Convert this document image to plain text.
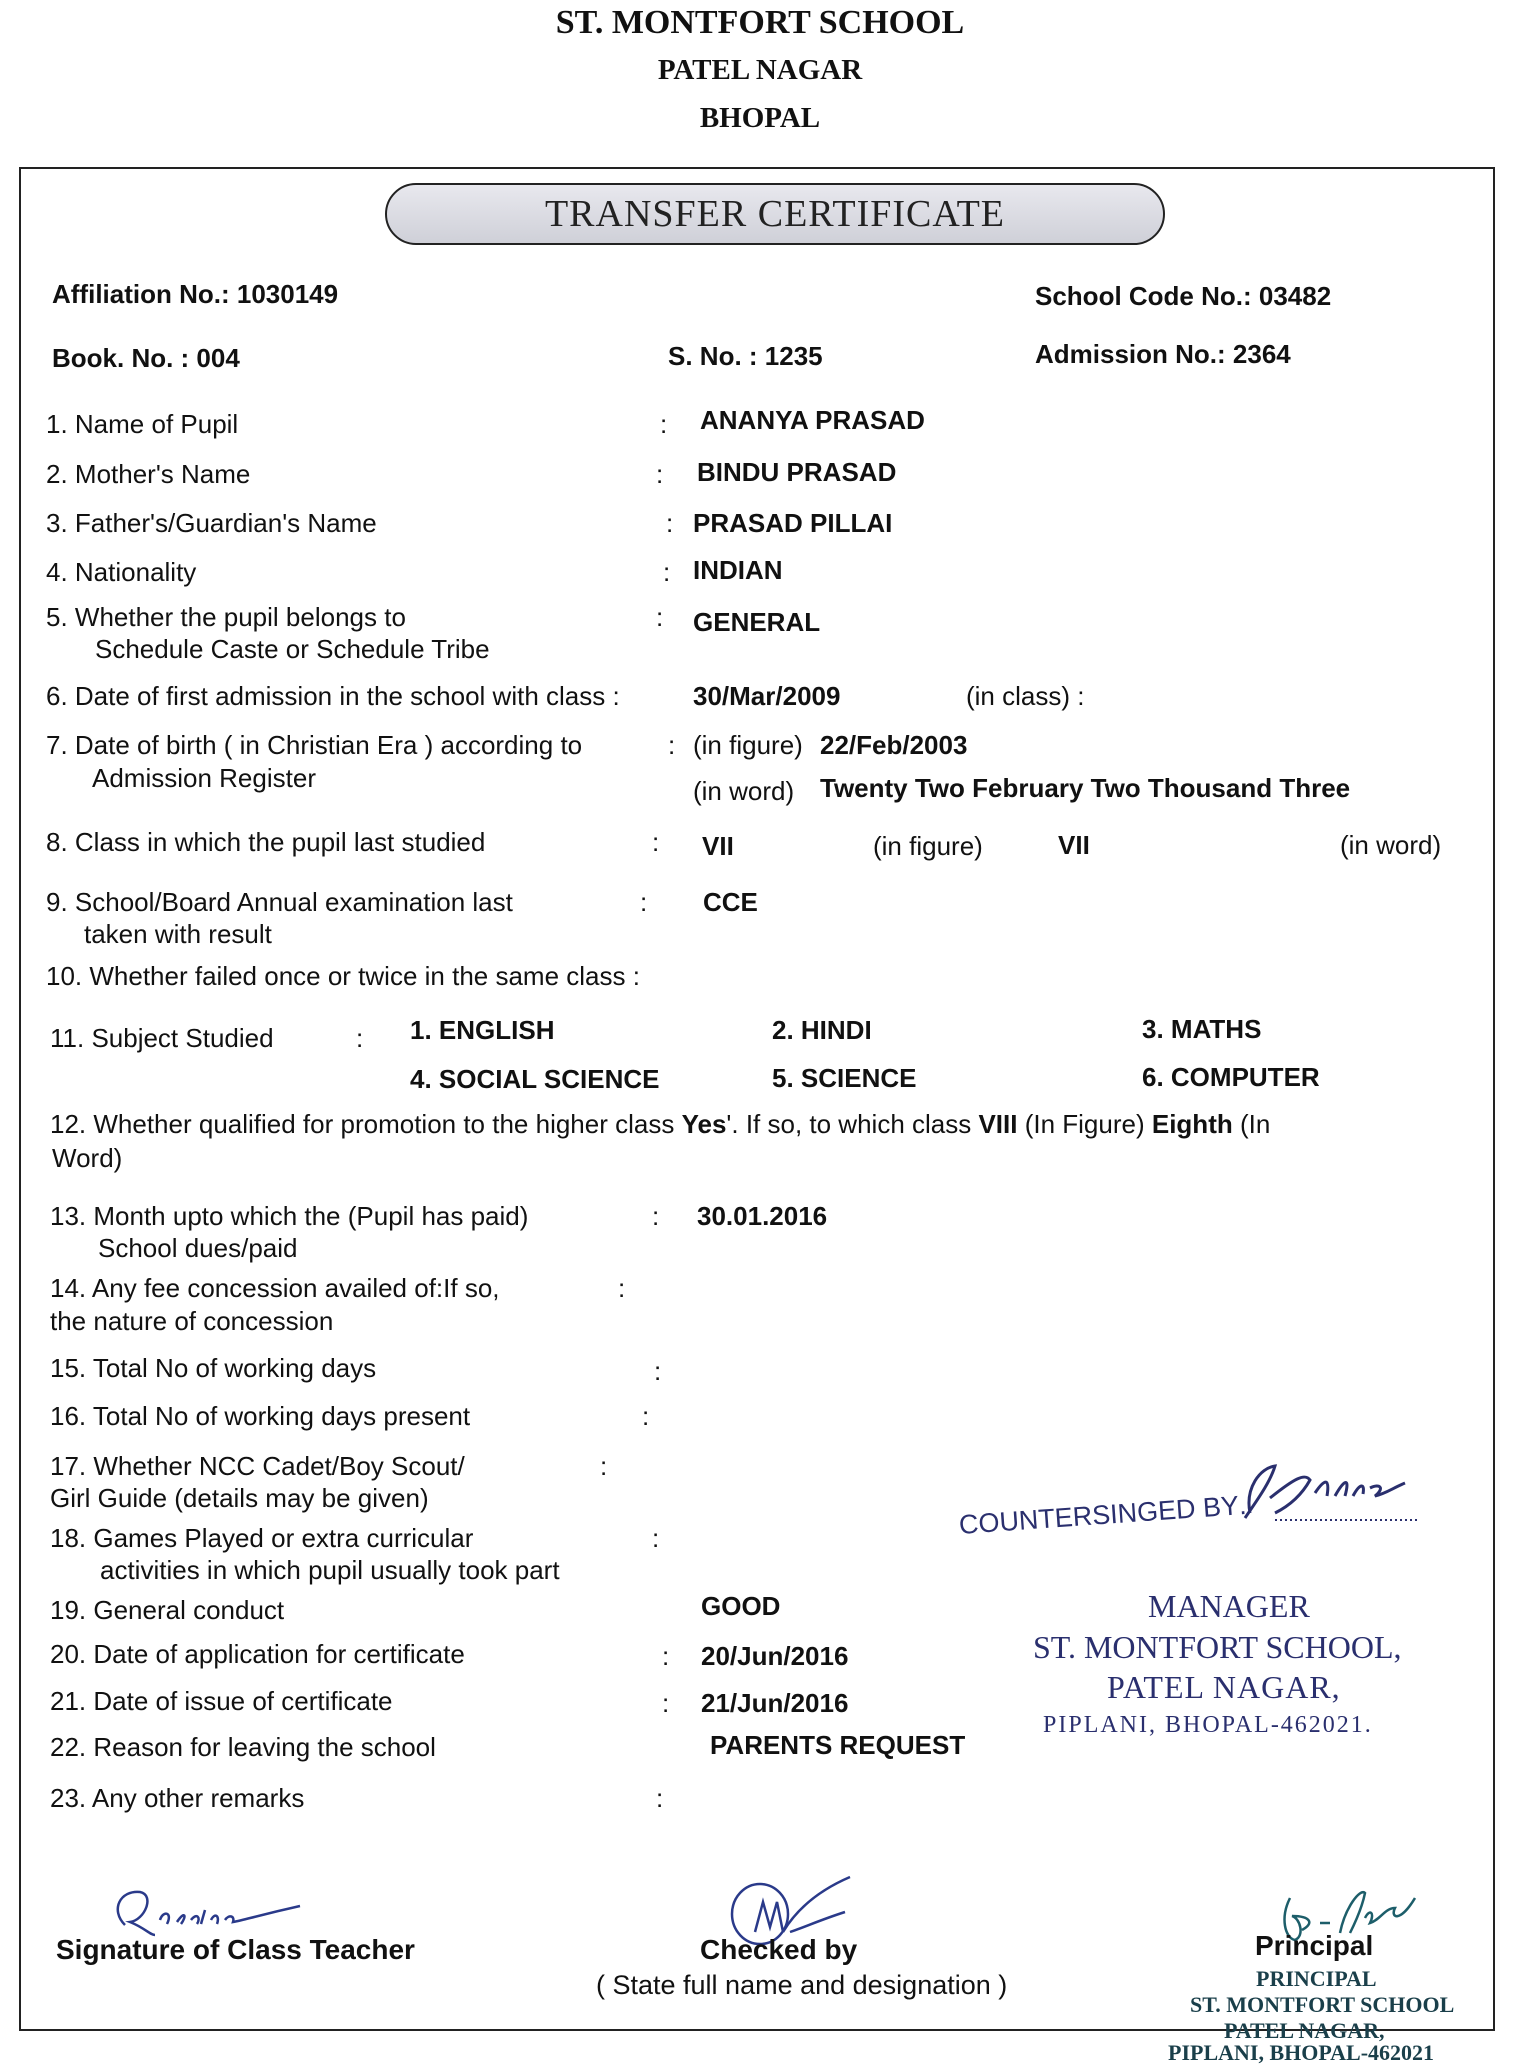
ST. MONTFORT SCHOOL
PATEL NAGAR
BHOPAL
TRANSFER CERTIFICATE
Affiliation No.: 1030149	School Code No.: 03482
Book. No. : 004	S. No. : 1235	Admission No.: 2364
1. Name of Pupil	: ANANYA PRASAD
2. Mother's Name	: BINDU PRASAD
3. Father's/Guardian's Name	: PRASAD PILLAI
4. Nationality	: INDIAN
5. Whether the pupil belongs to
Schedule Caste or Schedule Tribe
: GENERAL
6. Date of first admission in the school with class :	30/Mar/2009	(in class) :
7. Date of birth ( in Christian Era ) according to
Admission Register
: (in figure) 22/Feb/2003
(in word) Twenty Two February Two Thousand Three
8. Class in which the pupil last studied	: VII	(in figure)	VII	(in word)
9. School/Board Annual examination last
taken with result
: CCE
10. Whether failed once or twice in the same class :
11. Subject Studied	: 1. ENGLISH	2. HINDI	3. MATHS
4. SOCIAL SCIENCE	5. SCIENCE	6. COMPUTER
12. Whether qualified for promotion to the higher class Yes'. If so, to which class VIII (In Figure) Eighth (In
Word)
13. Month upto which the (Pupil has paid)
School dues/paid
: 30.01.2016
14. Any fee concession availed of:If so,
the nature of concession
:
15. Total No of working days	:
16. Total No of working days present	:
17. Whether NCC Cadet/Boy Scout/
Girl Guide (details may be given)
:
18. Games Played or extra curricular
activities in which pupil usually took part
:
19. General conduct	GOOD
20. Date of application for certificate	: 20/Jun/2016
21. Date of issue of certificate	: 21/Jun/2016
22. Reason for leaving the school	PARENTS REQUEST
23. Any other remarks	:
COUNTERSINGED BY.
MANAGER
ST. MONTFORT SCHOOL,
PATEL NAGAR,
PIPLANI, BHOPAL-462021.
Signature of Class Teacher	Checked by
( State full name and designation )
Principal
PRINCIPAL
ST. MONTFORT SCHOOL
PATEL NAGAR,
PIPLANI, BHOPAL-462021
